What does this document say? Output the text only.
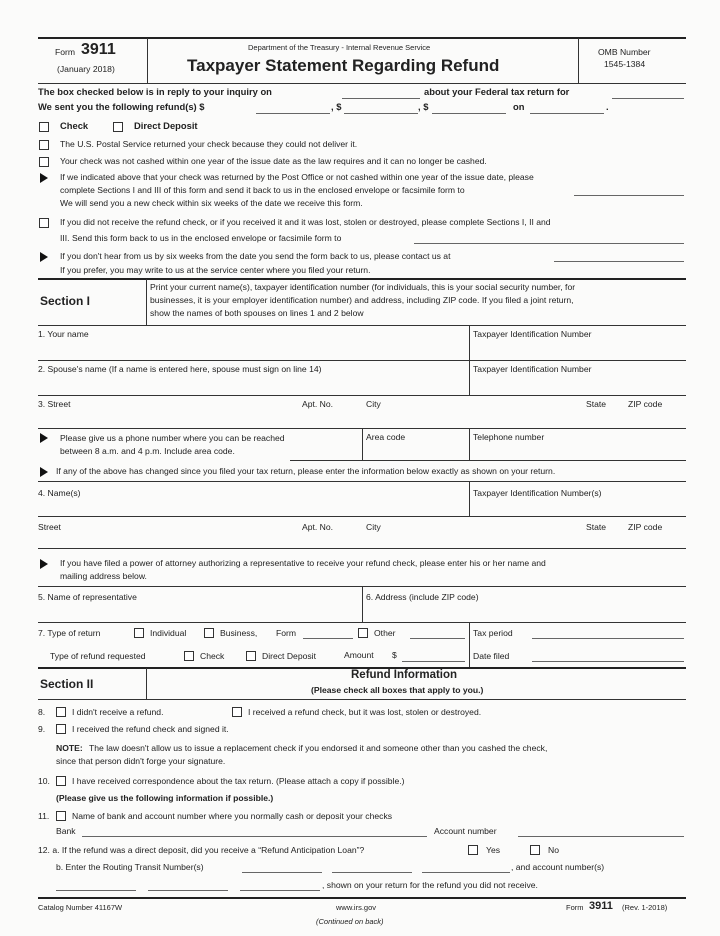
Form 3911
(January 2018)
Department of the Treasury - Internal Revenue Service
Taxpayer Statement Regarding Refund
OMB Number
1545-1384
The box checked below is in reply to your inquiry on	about your Federal tax return for
We sent you the following refund(s) $	, $	, $	on	.
Check	Direct Deposit
The U.S. Postal Service returned your check because they could not deliver it.
Your check was not cashed within one year of the issue date as the law requires and it can no longer be cashed.
If we indicated above that your check was returned by the Post Office or not cashed within one year of the issue date, please
complete Sections I and III of this form and send it back to us in the enclosed envelope or facsimile form to
We will send you a new check within six weeks of the date we receive this form.
If you did not receive the refund check, or if you received it and it was lost, stolen or destroyed, please complete Sections I, II and
III. Send this form back to us in the enclosed envelope or facsimile form to
If you don't hear from us by six weeks from the date you send the form back to us, please contact us at
If you prefer, you may write to us at the service center where you filed your return.
Section I
Print your current name(s), taxpayer identification number (for individuals, this is your social security number, for
businesses, it is your employer identification number) and address, including ZIP code. If you filed a joint return,
show the names of both spouses on lines 1 and 2 below
1. Your name	Taxpayer Identification Number
2. Spouse's name (If a name is entered here, spouse must sign on line 14)	Taxpayer Identification Number
3. Street	Apt. No.	City	State	ZIP code
Please give us a phone number where you can be reached
between 8 a.m. and 4 p.m. Include area code.
Area code	Telephone number
If any of the above has changed since you filed your tax return, please enter the information below exactly as shown on your return.
4. Name(s)	Taxpayer Identification Number(s)
Street	Apt. No.	City	State	ZIP code
If you have filed a power of attorney authorizing a representative to receive your refund check, please enter his or her name and
mailing address below.
5. Name of representative	6. Address (include ZIP code)
7. Type of return	Individual	Business, Form	Other	Tax period
Type of refund requested	Check	Direct Deposit	Amount $	Date filed
Section II
Refund Information
(Please check all boxes that apply to you.)
8.	I didn't receive a refund.	I received a refund check, but it was lost, stolen or destroyed.
9.	I received the refund check and signed it.
NOTE: The law doesn't allow us to issue a replacement check if you endorsed it and someone other than you cashed the check,
since that person didn't forge your signature.
10.	I have received correspondence about the tax return. (Please attach a copy if possible.)
(Please give us the following information if possible.)
11.	Name of bank and account number where you normally cash or deposit your checks
Bank	Account number
12. a. If the refund was a direct deposit, did you receive a “Refund Anticipation Loan”?	Yes	No
b. Enter the Routing Transit Number(s)	, and account number(s)
, shown on your return for the refund you did not receive.
Catalog Number 41167W	www.irs.gov
(Continued on back)
Form 3911 (Rev. 1-2018)
